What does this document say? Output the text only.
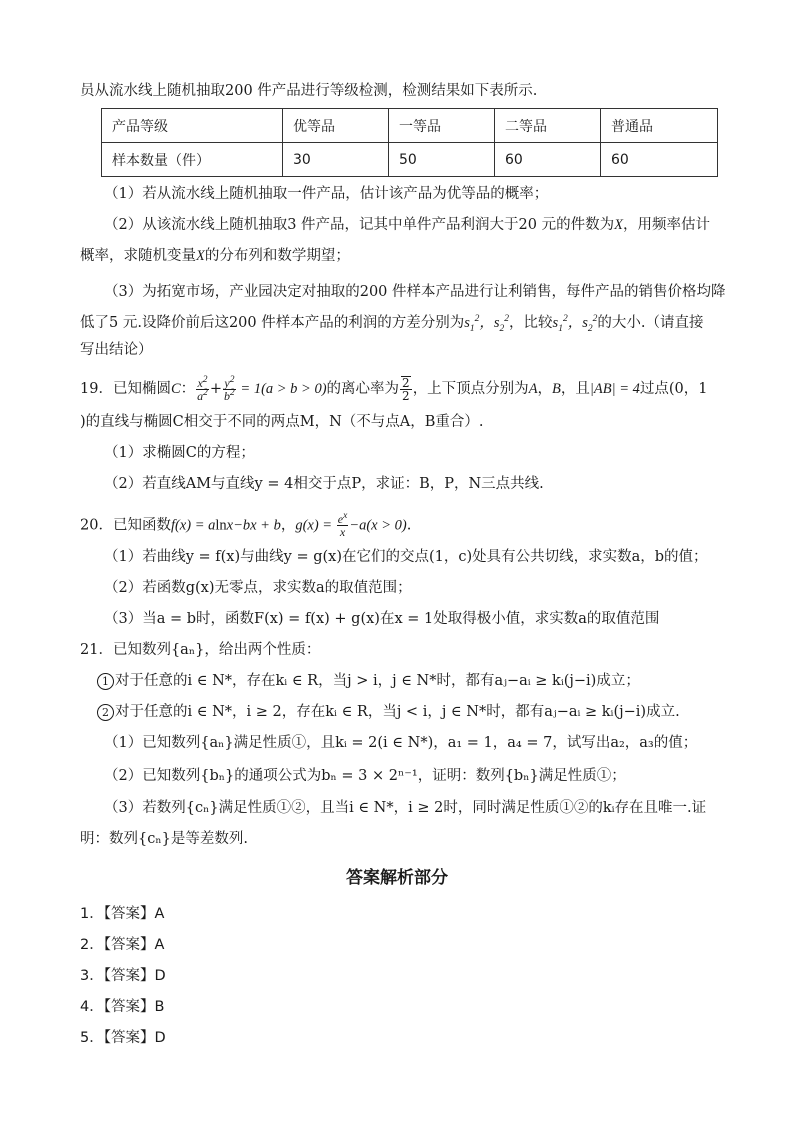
员从流水线上随机抽取200 件产品进行等级检测，检测结果如下表所示.
产品等级	优等品	一等品	二等品	普通品
样本数量（件）	30	50	60	60
（1）若从流水线上随机抽取一件产品，估计该产品为优等品的概率；
（2）从该流水线上随机抽取3 件产品，记其中单件产品利润大于20 元的件数为X，用频率估计
概率，求随机变量X的分布列和数学期望；
（3）为拓宽市场，产业园决定对抽取的200 件样本产品进行让利销售，每件产品的销售价格均降
低了5 元.设降价前后这200 件样本产品的利润的方差分别为$s_1^2$，$s_2^2$，比较$s_1^2$，$s_2^2$的大小.（请直接
写出结论）
19．已知椭圆C： $\frac{x^2}{a^2} + \frac{y^2}{b^2} = 1(a > b > 0)$的离心率为 $\frac{2}{2}$ ，上下顶点分别为A，B，且|AB| = 4过点(0，1
)的直线与椭圆C相交于不同的两点M，N（不与点A，B重合）.
（1）求椭圆C的方程；
（2）若直线AM与直线y = 4相交于点P，求证：B，P，N三点共线.
20．已知函数f(x) = alnx−bx + b，$g(x) = \frac{e^x}{x} -a(x > 0)$.
（1）若曲线y = f(x)与曲线y = g(x)在它们的交点(1，c)处具有公共切线，求实数a，b的值；
（2）若函数g(x)无零点，求实数a的取值范围；
（3）当a = b时，函数F(x) = f(x) + g(x)在x = 1处取得极小值，求实数a的取值范围
21．已知数列{aₙ}，给出两个性质：
1 对于任意的i ∈ N*，存在kᵢ ∈ R，当j > i，j ∈ N*时，都有aⱼ−aᵢ ≥ kᵢ(j−i)成立；
2 对于任意的i ∈ N*，i ≥ 2，存在kᵢ ∈ R，当j < i，j ∈ N*时，都有aⱼ−aᵢ ≥ kᵢ(j−i)成立.
（1）已知数列{aₙ}满足性质①，且kᵢ = 2(i ∈ N*)，a₁ = 1，a₄ = 7，试写出a₂，a₃的值；
（2）已知数列{bₙ}的通项公式为bₙ = 3 × 2ⁿ⁻¹，证明：数列{bₙ}满足性质①；
（3）若数列{cₙ}满足性质①②，且当i ∈ N*，i ≥ 2时，同时满足性质①②的kᵢ存在且唯一.证
明：数列{cₙ}是等差数列.
答案解析部分
1．【答案】A
2．【答案】A
3．【答案】D
4．【答案】B
5．【答案】D
